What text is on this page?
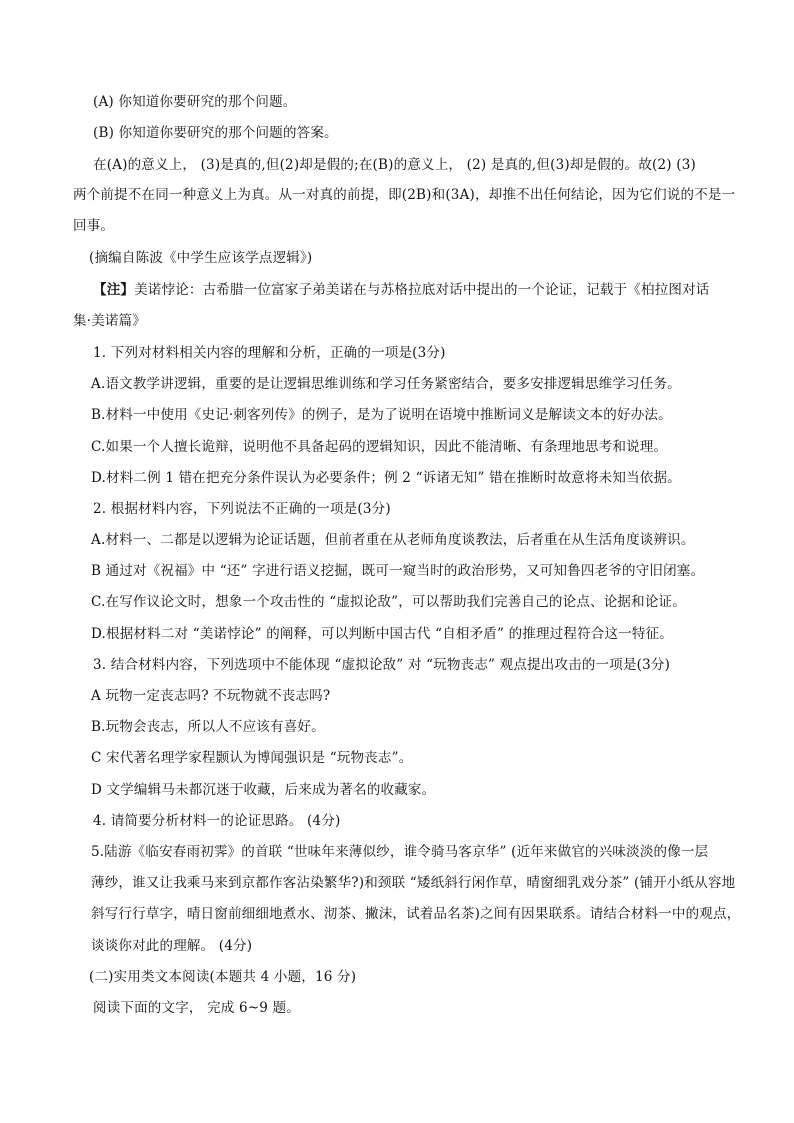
(A) 你知道你要研究的那个问题。
(B) 你知道你要研究的那个问题的答案。
在(A)的意义上， (3)是真的,但(2)却是假的;在(B)的意义上， (2) 是真的,但(3)却是假的。故(2) (3)
两个前提不在同一种意义上为真。从一对真的前提，即(2B)和(3A)，却推不出任何结论，因为它们说的不是一
回事。
(摘编自陈波《中学生应该学点逻辑》)
【注】美诺悖论：古希腊一位富家子弟美诺在与苏格拉底对话中提出的一个论证，记载于《柏拉图对话
集·美诺篇》
1. 下列对材料相关内容的理解和分析，正确的一项是(3分)
A.语文教学讲逻辑，重要的是让逻辑思维训练和学习任务紧密结合，要多安排逻辑思维学习任务。
B.材料一中使用《史记·刺客列传》的例子，是为了说明在语境中推断词义是解读文本的好办法。
C.如果一个人擅长诡辩，说明他不具备起码的逻辑知识，因此不能清晰、有条理地思考和说理。
D.材料二例 1 错在把充分条件误认为必要条件；例 2 “诉诸无知” 错在推断时故意将未知当依据。
2. 根据材料内容，下列说法不正确的一项是(3分)
A.材料一、二都是以逻辑为论证话题，但前者重在从老师角度谈教法，后者重在从生活角度谈辨识。
B 通过对《祝福》中 “还” 字进行语义挖掘，既可一窥当时的政治形势，又可知鲁四老爷的守旧闭塞。
C.在写作议论文时，想象一个攻击性的 “虚拟论敌”，可以帮助我们完善自己的论点、论据和论证。
D.根据材料二对 “美诺悖论” 的阐释，可以判断中国古代 “自相矛盾” 的推理过程符合这一特征。
3. 结合材料内容，下列选项中不能体现 “虚拟论敌” 对 “玩物丧志” 观点提出攻击的一项是(3分)
A 玩物一定丧志吗? 不玩物就不丧志吗?
B.玩物会丧志，所以人不应该有喜好。
C 宋代著名理学家程颢认为博闻强识是 “玩物丧志”。
D 文学编辑马未都沉迷于收藏，后来成为著名的收藏家。
4. 请简要分析材料一的论证思路。 (4分)
5.陆游《临安春雨初霁》的首联 “世味年来薄似纱，谁令骑马客京华” (近年来做官的兴味淡淡的像一层
薄纱，谁又让我乘马来到京都作客沾染繁华?)和颈联 “矮纸斜行闲作草，晴窗细乳戏分茶” (铺开小纸从容地
斜写行行草字，晴日窗前细细地煮水、沏茶、撇沫，试着品名茶)之间有因果联系。请结合材料一中的观点，
谈谈你对此的理解。 (4分)
(二)实用类文本阅读(本题共 4 小题，16 分)
阅读下面的文字， 完成 6~9 题。
